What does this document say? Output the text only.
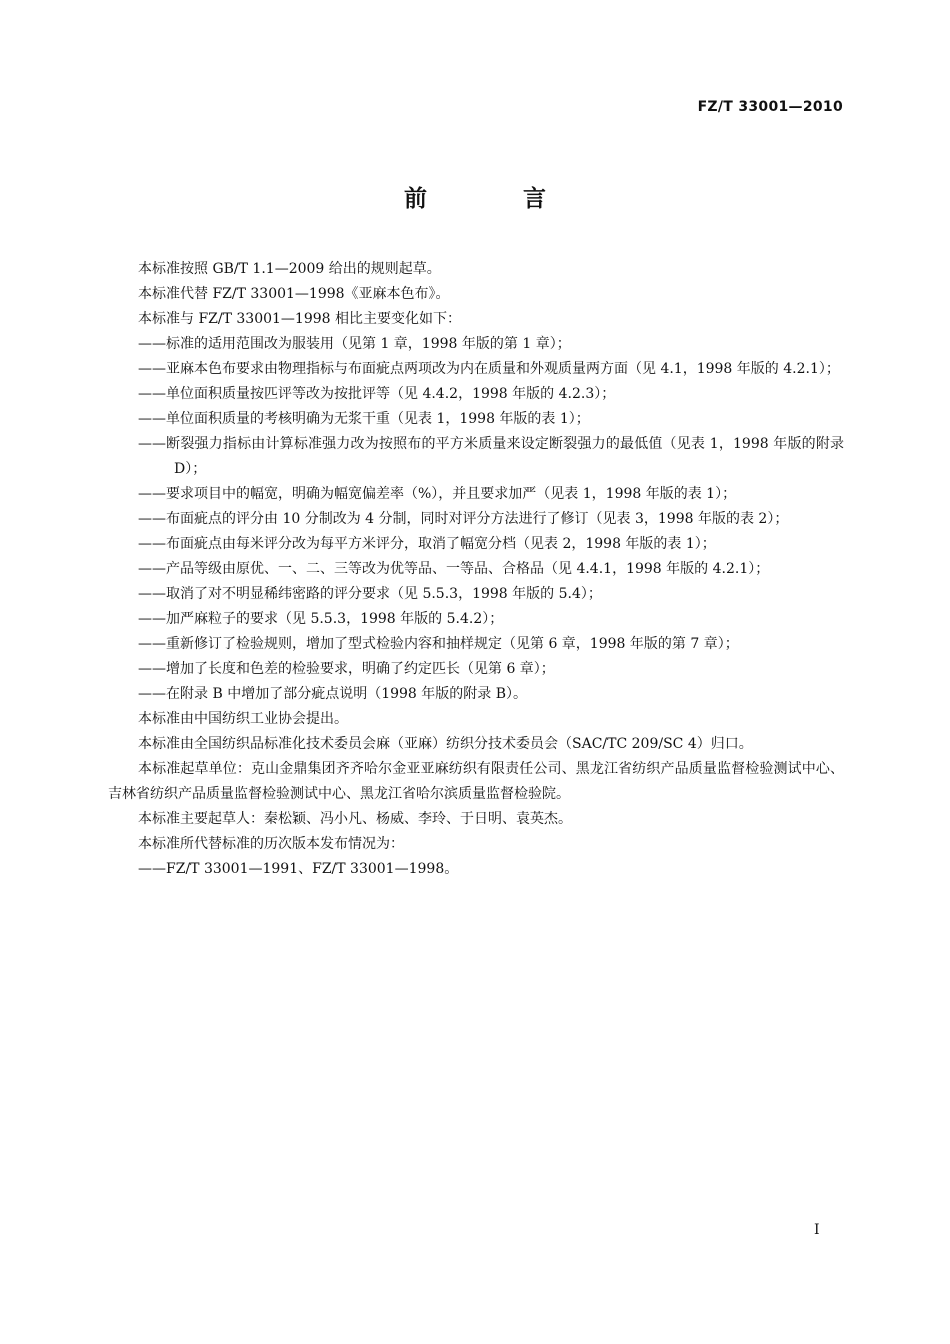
FZ/T 33001—2010
前 言

本标准按照 GB/T 1.1—2009 给出的规则起草。

本标准代替 FZ/T 33001—1998《亚麻本色布》。

本标准与 FZ/T 33001—1998 相比主要变化如下：

——标准的适用范围改为服装用（见第 1 章，1998 年版的第 1 章）；

——亚麻本色布要求由物理指标与布面疵点两项改为内在质量和外观质量两方面（见 4.1，1998 年版的 4.2.1）；

——单位面积质量按匹评等改为按批评等（见 4.4.2，1998 年版的 4.2.3）；

——单位面积质量的考核明确为无浆干重（见表 1，1998 年版的表 1）；

——断裂强力指标由计算标准强力改为按照布的平方米质量来设定断裂强力的最低值（见表 1，1998 年版的附录 D）；

——要求项目中的幅宽，明确为幅宽偏差率（%），并且要求加严（见表 1，1998 年版的表 1）；

——布面疵点的评分由 10 分制改为 4 分制，同时对评分方法进行了修订（见表 3，1998 年版的表 2）；

——布面疵点由每米评分改为每平方米评分，取消了幅宽分档（见表 2，1998 年版的表 1）；

——产品等级由原优、一、二、三等改为优等品、一等品、合格品（见 4.4.1，1998 年版的 4.2.1）；

——取消了对不明显稀纬密路的评分要求（见 5.5.3，1998 年版的 5.4）；

——加严麻粒子的要求（见 5.5.3，1998 年版的 5.4.2）；

——重新修订了检验规则，增加了型式检验内容和抽样规定（见第 6 章，1998 年版的第 7 章）；

——增加了长度和色差的检验要求，明确了约定匹长（见第 6 章）；

——在附录 B 中增加了部分疵点说明（1998 年版的附录 B）。

本标准由中国纺织工业协会提出。

本标准由全国纺织品标准化技术委员会麻（亚麻）纺织分技术委员会（SAC/TC 209/SC 4）归口。

本标准起草单位：克山金鼎集团齐齐哈尔金亚亚麻纺织有限责任公司、黑龙江省纺织产品质量监督检验测试中心、吉林省纺织产品质量监督检验测试中心、黑龙江省哈尔滨质量监督检验院。

本标准主要起草人：秦松颖、冯小凡、杨威、李玲、于日明、袁英杰。

本标准所代替标准的历次版本发布情况为：

——FZ/T 33001—1991、FZ/T 33001—1998。

I
